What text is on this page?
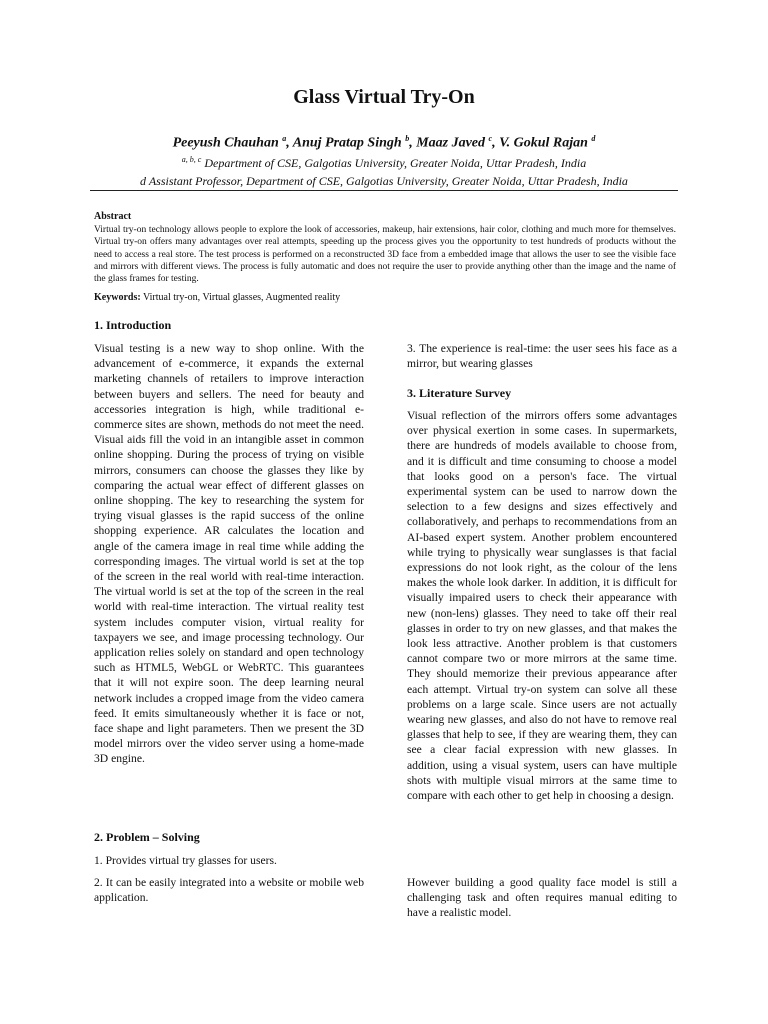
Glass Virtual Try-On
Peeyush Chauhan $^a$, Anuj Pratap Singh $^b$, Maaz Javed $^c$, V. Gokul Rajan $^d$
$^{a, b, c}$ Department of CSE, Galgotias University, Greater Noida, Uttar Pradesh, India
d Assistant Professor, Department of CSE, Galgotias University, Greater Noida, Uttar Pradesh, India
Abstract
Virtual try-on technology allows people to explore the look of accessories, makeup, hair extensions, hair color, clothing and much more for themselves. Virtual try-on offers many advantages over real attempts, speeding up the process gives you the opportunity to test hundreds of products without the need to access a real store. The test process is performed on a reconstructed 3D face from a embedded image that allows the user to see the visible face and mirrors with different views. The process is fully automatic and does not require the user to provide anything other than the image and the name of the glass frames for testing.
Keywords: Virtual try-on, Virtual glasses, Augmented reality
1. Introduction

Visual testing is a new way to shop online. With the advancement of e-commerce, it expands the external marketing channels of retailers to improve interaction between buyers and sellers. The need for beauty and accessories integration is high, while traditional e-commerce sites are shown, methods do not meet the need. Visual aids fill the void in an intangible asset in common online shopping. During the process of trying on visible mirrors, consumers can choose the glasses they like by comparing the actual wear effect of different glasses on online shopping. The key to researching the system for trying visual glasses is the rapid success of the online shopping experience. AR calculates the location and angle of the camera image in real time while adding the corresponding images. The virtual world is set at the top of the screen in the real world with real-time interaction. The virtual world is set at the top of the screen in the real world with real-time interaction. The virtual reality test system includes computer vision, virtual reality for taxpayers we see, and image processing technology. Our application relies solely on standard and open technology such as HTML5, WebGL or WebRTC. This guarantees that it will not expire soon. The deep learning neural network includes a cropped image from the video camera feed. It emits simultaneously whether it is face or not, face shape and light parameters. Then we present the 3D model mirrors over the video server using a home-made 3D engine.

2. Problem – Solving
1. Provides virtual try glasses for users.
2. It can be easily integrated into a website or mobile web application.
3. The experience is real-time: the user sees his face as a mirror, but wearing glasses
3. Literature Survey

Visual reflection of the mirrors offers some advantages over physical exertion in some cases. In supermarkets, there are hundreds of models available to choose from, and it is difficult and time consuming to choose a model that looks good on a person's face. The virtual experimental system can be used to narrow down the selection to a few designs and sizes effectively and collaboratively, and perhaps to recommendations from an AI-based expert system. Another problem encountered while trying to physically wear sunglasses is that facial expressions do not look right, as the colour of the lens makes the whole look darker. In addition, it is difficult for visually impaired users to check their appearance with new (non-lens) glasses. They need to take off their real glasses in order to try on new glasses, and that makes the look less attractive. Another problem is that customers cannot compare two or more mirrors at the same time. They should memorize their previous appearance after each attempt. Virtual try-on system can solve all these problems on a large scale. Since users are not actually wearing new glasses, and also do not have to remove real glasses that help to see, if they are wearing them, they can see a clear facial expression with new glasses. In addition, using a visual system, users can have multiple shots with multiple visual mirrors at the same time to compare with each other to get help in choosing a design.

However building a good quality face model is still a challenging task and often requires manual editing to have a realistic model.
